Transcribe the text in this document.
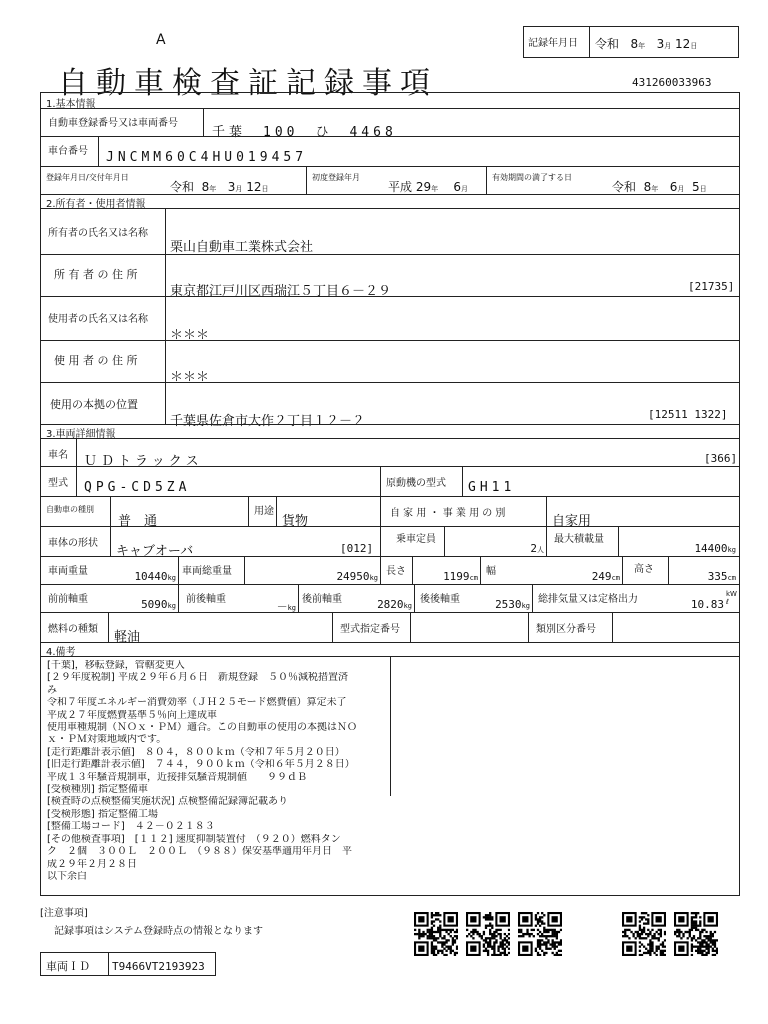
A
自動車検査証記録事項
記録年月日 令和 8年 3月 12日
431260033963
1.基本情報
自動車登録番号又は車両番号
千葉　100　ひ　4468
車台番号 JNCMM60C4HU019457
登録年月日/交付年月日
令和 8年 3月 12日
初度登録年月
平成 29年 6月
有効期間の満了する日
令和 8年 6月 5日
2.所有者・使用者情報
所有者の氏名又は名称
栗山自動車工業株式会社
所 有 者 の 住 所
東京都江戸川区西瑞江５丁目６－２９	[21735]
使用者の氏名又は名称
＊＊＊
使 用 者 の 住 所
＊＊＊
使用の本拠の位置
千葉県佐倉市大作２丁目１２－２	[12511 1322]
3.車両詳細情報
車名 ＵＤトラックス	[366]
型式 QPG-CD5ZA	原動機の型式 GH11
自動車の種別
普　通
用途
貨物
自 家 用 ・ 事 業 用 の 別
自家用
車体の形状
キャブオーバ	[012]
乗車定員
2人
最大積載量
14400kg
車両重量	10440kg
車両総重量	24950kg
長さ	1199cm
幅	249cm
高さ
335cm
前前軸重	5090kg
前後軸重
－kg
後前軸重	2820kg
後後軸重	2530kg
総排気量又は定格出力	10.83
kW
ℓ
燃料の種類
軽油
型式指定番号	類別区分番号
4.備考
[千葉]，移転登録，管轄変更入
[２９年度税制] 平成２９年６月６日　新規登録　５０％減税措置済
み
令和７年度エネルギー消費効率（ＪＨ２５モード燃費値）算定未了
平成２７年度燃費基準５％向上達成車
使用車種規制（ＮＯｘ・ＰＭ）適合。この自動車の使用の本拠はＮＯ
ｘ・ＰＭ対策地域内です。
[走行距離計表示値]　８０４，８００ｋｍ（令和７年５月２０日）
[旧走行距離計表示値]　７４４，９００ｋｍ（令和６年５月２８日）
平成１３年騒音規制車，近接排気騒音規制値　　９９ｄＢ
[受検種別] 指定整備車
[検査時の点検整備実施状況] 点検整備記録簿記載あり
[受検形態] 指定整備工場
[整備工場コード]　４２－０２１８３
[その他検査事項]　[１１２] 速度抑制装置付　（９２０）燃料タン
ク　２個　３００Ｌ　２００Ｌ　（９８８）保安基準適用年月日　平
成２９年２月２８日
以下余白
[注意事項]
記録事項はシステム登録時点の情報となります
車両ＩＤ T9466VT2193923
